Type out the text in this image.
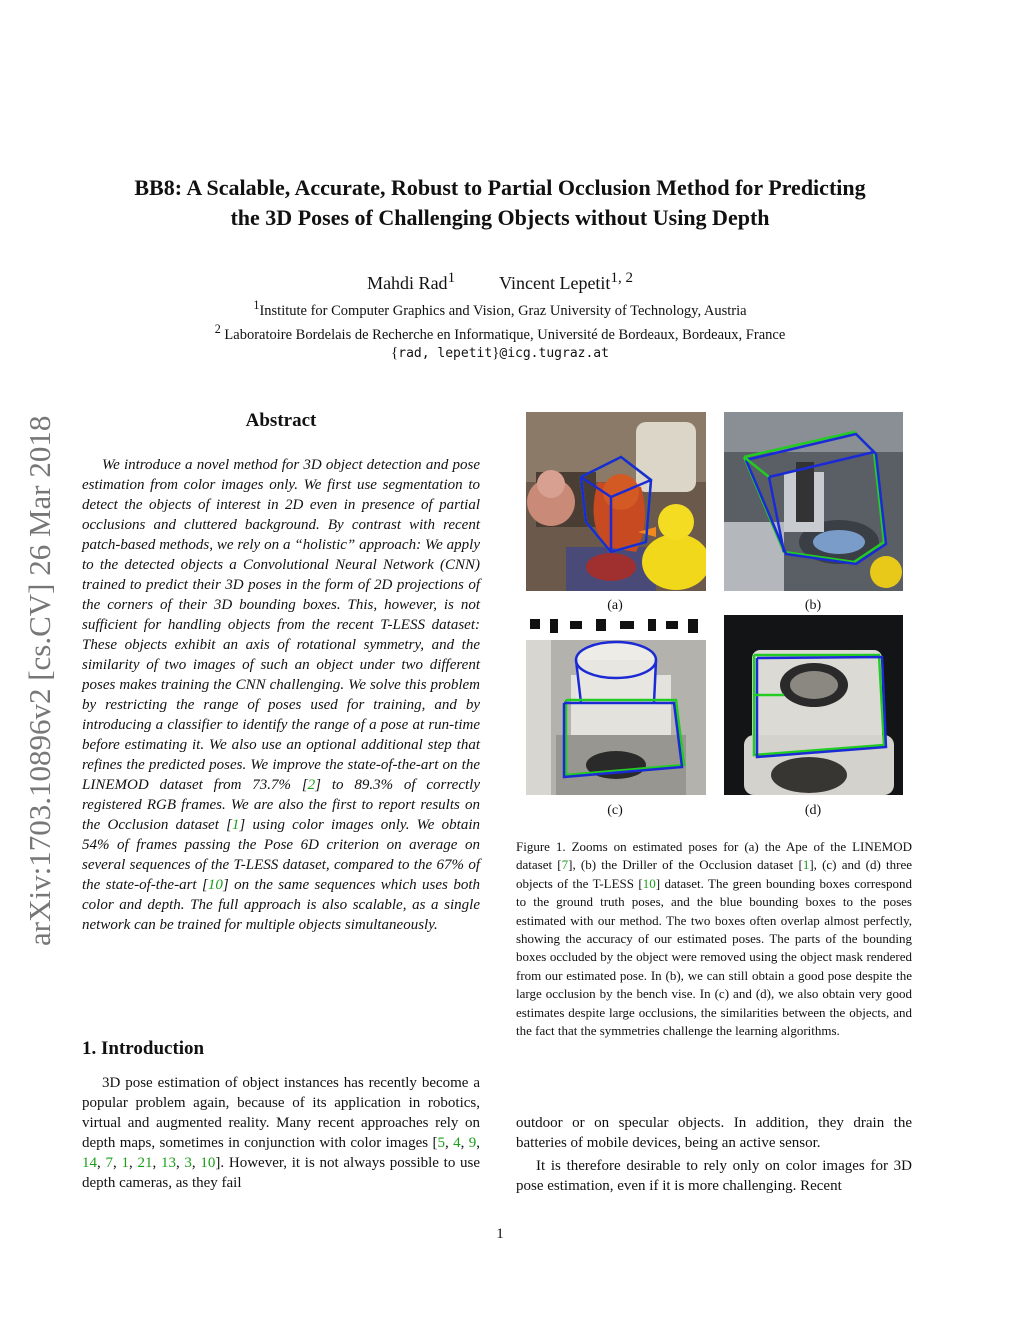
arXiv:1703.10896v2 [cs.CV] 26 Mar 2018
BB8: A Scalable, Accurate, Robust to Partial Occlusion Method for Predicting
the 3D Poses of Challenging Objects without Using Depth
Mahdi Rad$^1$ Vincent Lepetit$^{1, 2}$
$^1$Institute for Computer Graphics and Vision, Graz University of Technology, Austria
$^2$ Laboratoire Bordelais de Recherche en Informatique, Université de Bordeaux, Bordeaux, France
{rad, lepetit}@icg.tugraz.at
Abstract
We introduce a novel method for 3D object detection and pose estimation from color images only. We first use segmentation to detect the objects of interest in 2D even in presence of partial occlusions and cluttered background. By contrast with recent patch-based methods, we rely on a “holistic” approach: We apply to the detected objects a Convolutional Neural Network (CNN) trained to predict their 3D poses in the form of 2D projections of the corners of their 3D bounding boxes. This, however, is not sufficient for handling objects from the recent T-LESS dataset: These objects exhibit an axis of rotational symmetry, and the similarity of two images of such an object under two different poses makes training the CNN challenging. We solve this problem by restricting the range of poses used for training, and by introducing a classifier to identify the range of a pose at run-time before estimating it. We also use an optional additional step that refines the predicted poses. We improve the state-of-the-art on the LINEMOD dataset from 73.7% [2] to 89.3% of correctly registered RGB frames. We are also the first to report results on the Occlusion dataset [1] using color images only. We obtain 54% of frames passing the Pose 6D criterion on average on several sequences of the T-LESS dataset, compared to the 67% of the state-of-the-art [10] on the same sequences which uses both color and depth. The full approach is also scalable, as a single network can be trained for multiple objects simultaneously.
1. Introduction
3D pose estimation of object instances has recently become a popular problem again, because of its application in robotics, virtual and augmented reality. Many recent approaches rely on depth maps, sometimes in conjunction with color images [5, 4, 9, 14, 7, 1, 21, 13, 3, 10]. However, it is not always possible to use depth cameras, as they fail
(a)	(b)
(c)	(d)
Figure 1. Zooms on estimated poses for (a) the Ape of the LINEMOD dataset [7], (b) the Driller of the Occlusion dataset [1], (c) and (d) three objects of the T-LESS [10] dataset. The green bounding boxes correspond to the ground truth poses, and the blue bounding boxes to the poses estimated with our method. The two boxes often overlap almost perfectly, showing the accuracy of our estimated poses. The parts of the bounding boxes occluded by the object were removed using the object mask rendered from our estimated pose. In (b), we can still obtain a good pose despite the large occlusion by the bench vise. In (c) and (d), we also obtain very good estimates despite large occlusions, the similarities between the objects, and the fact that the symmetries challenge the learning algorithms.

outdoor or on specular objects. In addition, they drain the batteries of mobile devices, being an active sensor.

It is therefore desirable to rely only on color images for 3D pose estimation, even if it is more challenging. Recent

1
